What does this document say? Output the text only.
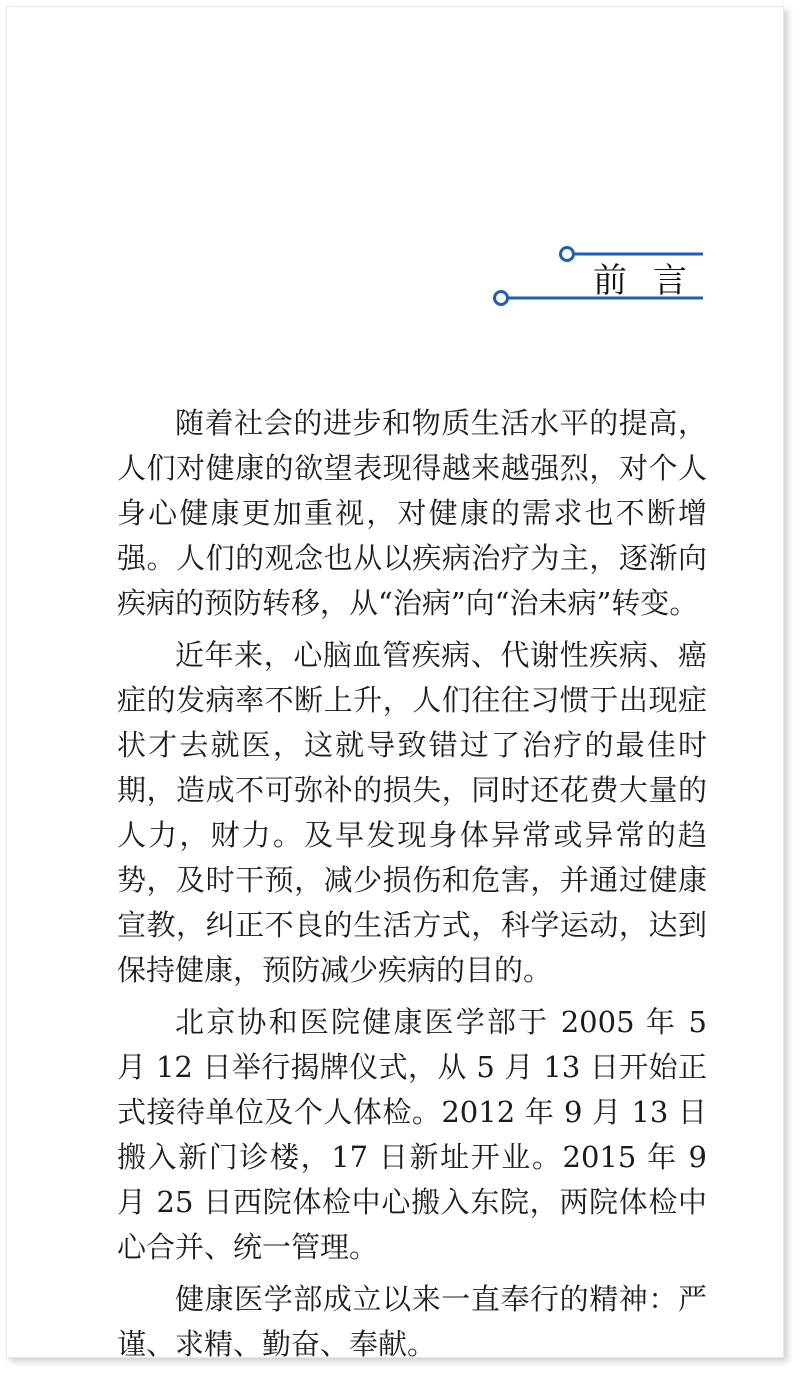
前言

随着社会的进步和物质生活水平的提高，人们对健康的欲望表现得越来越强烈，对个人身心健康更加重视，对健康的需求也不断增强。人们的观念也从以疾病治疗为主，逐渐向疾病的预防转移，从“治病”向“治未病”转变。

近年来，心脑血管疾病、代谢性疾病、癌症的发病率不断上升，人们往往习惯于出现症状才去就医，这就导致错过了治疗的最佳时期，造成不可弥补的损失，同时还花费大量的人力，财力。及早发现身体异常或异常的趋势，及时干预，减少损伤和危害，并通过健康宣教，纠正不良的生活方式，科学运动，达到保持健康，预防减少疾病的目的。

北京协和医院健康医学部于 2005 年 5 月 12 日举行揭牌仪式，从 5 月 13 日开始正式接待单位及个人体检。2012 年 9 月 13 日搬入新门诊楼，17 日新址开业。2015 年 9 月 25 日西院体检中心搬入东院，两院体检中心合并、统一管理。

健康医学部成立以来一直奉行的精神：严谨、求精、勤奋、奉献。
